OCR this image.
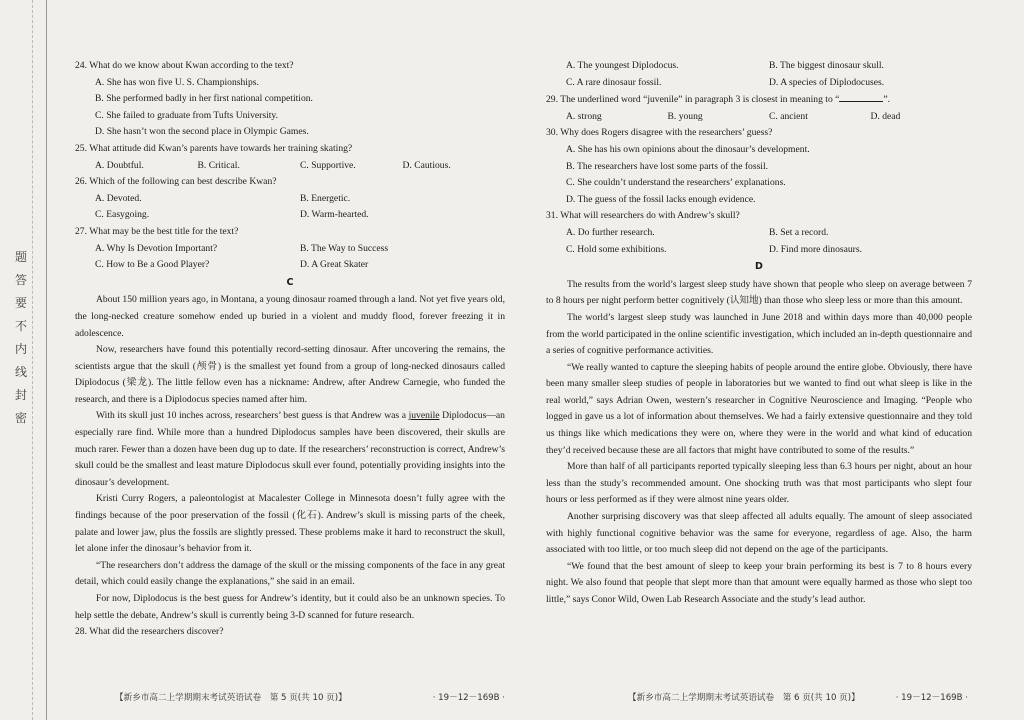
题
答
要
不
内
线
封
密

24. What do we know about Kwan according to the text?

A. She has won five U. S. Championships.

B. She performed badly in her first national competition.

C. She failed to graduate from Tufts University.

D. She hasn’t won the second place in Olympic Games.

25. What attitude did Kwan’s parents have towards her training skating?

A. Doubtful.	B. Critical.	C. Supportive.	D. Cautious.

26. Which of the following can best describe Kwan?

A. Devoted.	B. Energetic.
C. Easygoing.	D. Warm-hearted.

27. What may be the best title for the text?

A. Why Is Devotion Important?	B. The Way to Success
C. How to Be a Good Player?	D. A Great Skater

C

About 150 million years ago, in Montana, a young dinosaur roamed through a land. Not yet five years old, the long-necked creature somehow ended up buried in a violent and muddy flood, forever freezing it in adolescence.

Now, researchers have found this potentially record-setting dinosaur. After uncovering the remains, the scientists argue that the skull (颅骨) is the smallest yet found from a group of long-necked dinosaurs called Diplodocus (梁龙). The little fellow even has a nickname: Andrew, after Andrew Carnegie, who funded the research, and there is a Diplodocus species named after him.

With its skull just 10 inches across, researchers’ best guess is that Andrew was a juvenile Diplodocus—an especially rare find. While more than a hundred Diplodocus samples have been discovered, their skulls are much rarer. Fewer than a dozen have been dug up to date. If the researchers’ reconstruction is correct, Andrew’s skull could be the smallest and least mature Diplodocus skull ever found, potentially providing insights into the dinosaur’s development.

Kristi Curry Rogers, a paleontologist at Macalester College in Minnesota doesn’t fully agree with the findings because of the poor preservation of the fossil (化石). Andrew’s skull is missing parts of the cheek, palate and lower jaw, plus the fossils are slightly pressed. These problems make it hard to reconstruct the skull, let alone infer the dinosaur’s behavior from it.

“The researchers don’t address the damage of the skull or the missing components of the face in any great detail, which could easily change the explanations,” she said in an email.

For now, Diplodocus is the best guess for Andrew’s identity, but it could also be an unknown species. To help settle the debate, Andrew’s skull is currently being 3-D scanned for future research.

28. What did the researchers discover?

【新乡市高二上学期期末考试英语试卷　第 5 页(共 10 页)】	· 19－12－169B ·
A. The youngest Diplodocus.	B. The biggest dinosaur skull.
C. A rare dinosaur fossil.	D. A species of Diplodocuses.

29. The underlined word “juvenile” in paragraph 3 is closest in meaning to “	”.

A. strong	B. young	C. ancient	D. dead

30. Why does Rogers disagree with the researchers’ guess?

A. She has his own opinions about the dinosaur’s development.

B. The researchers have lost some parts of the fossil.

C. She couldn’t understand the researchers’ explanations.

D. The guess of the fossil lacks enough evidence.

31. What will researchers do with Andrew’s skull?

A. Do further research.	B. Set a record.
C. Hold some exhibitions.	D. Find more dinosaurs.

D

The results from the world’s largest sleep study have shown that people who sleep on average between 7 to 8 hours per night perform better cognitively (认知地) than those who sleep less or more than this amount.

The world’s largest sleep study was launched in June 2018 and within days more than 40,000 people from the world participated in the online scientific investigation, which included an in-depth questionnaire and a series of cognitive performance activities.

“We really wanted to capture the sleeping habits of people around the entire globe. Obviously, there have been many smaller sleep studies of people in laboratories but we wanted to find out what sleep is like in the real world,” says Adrian Owen, western’s researcher in Cognitive Neuroscience and Imaging. “People who logged in gave us a lot of information about themselves. We had a fairly extensive questionnaire and they told us things like which medications they were on, where they were in the world and what kind of education they’d received because these are all factors that might have contributed to some of the results.”

More than half of all participants reported typically sleeping less than 6.3 hours per night, about an hour less than the study’s recommended amount. One shocking truth was that most participants who slept four hours or less performed as if they were almost nine years older.

Another surprising discovery was that sleep affected all adults equally. The amount of sleep associated with highly functional cognitive behavior was the same for everyone, regardless of age. Also, the harm associated with too little, or too much sleep did not depend on the age of the participants.

“We found that the best amount of sleep to keep your brain performing its best is 7 to 8 hours every night. We also found that people that slept more than that amount were equally harmed as those who slept too little,” says Conor Wild, Owen Lab Research Associate and the study’s lead author.

【新乡市高二上学期期末考试英语试卷　第 6 页(共 10 页)】	· 19－12－169B ·
